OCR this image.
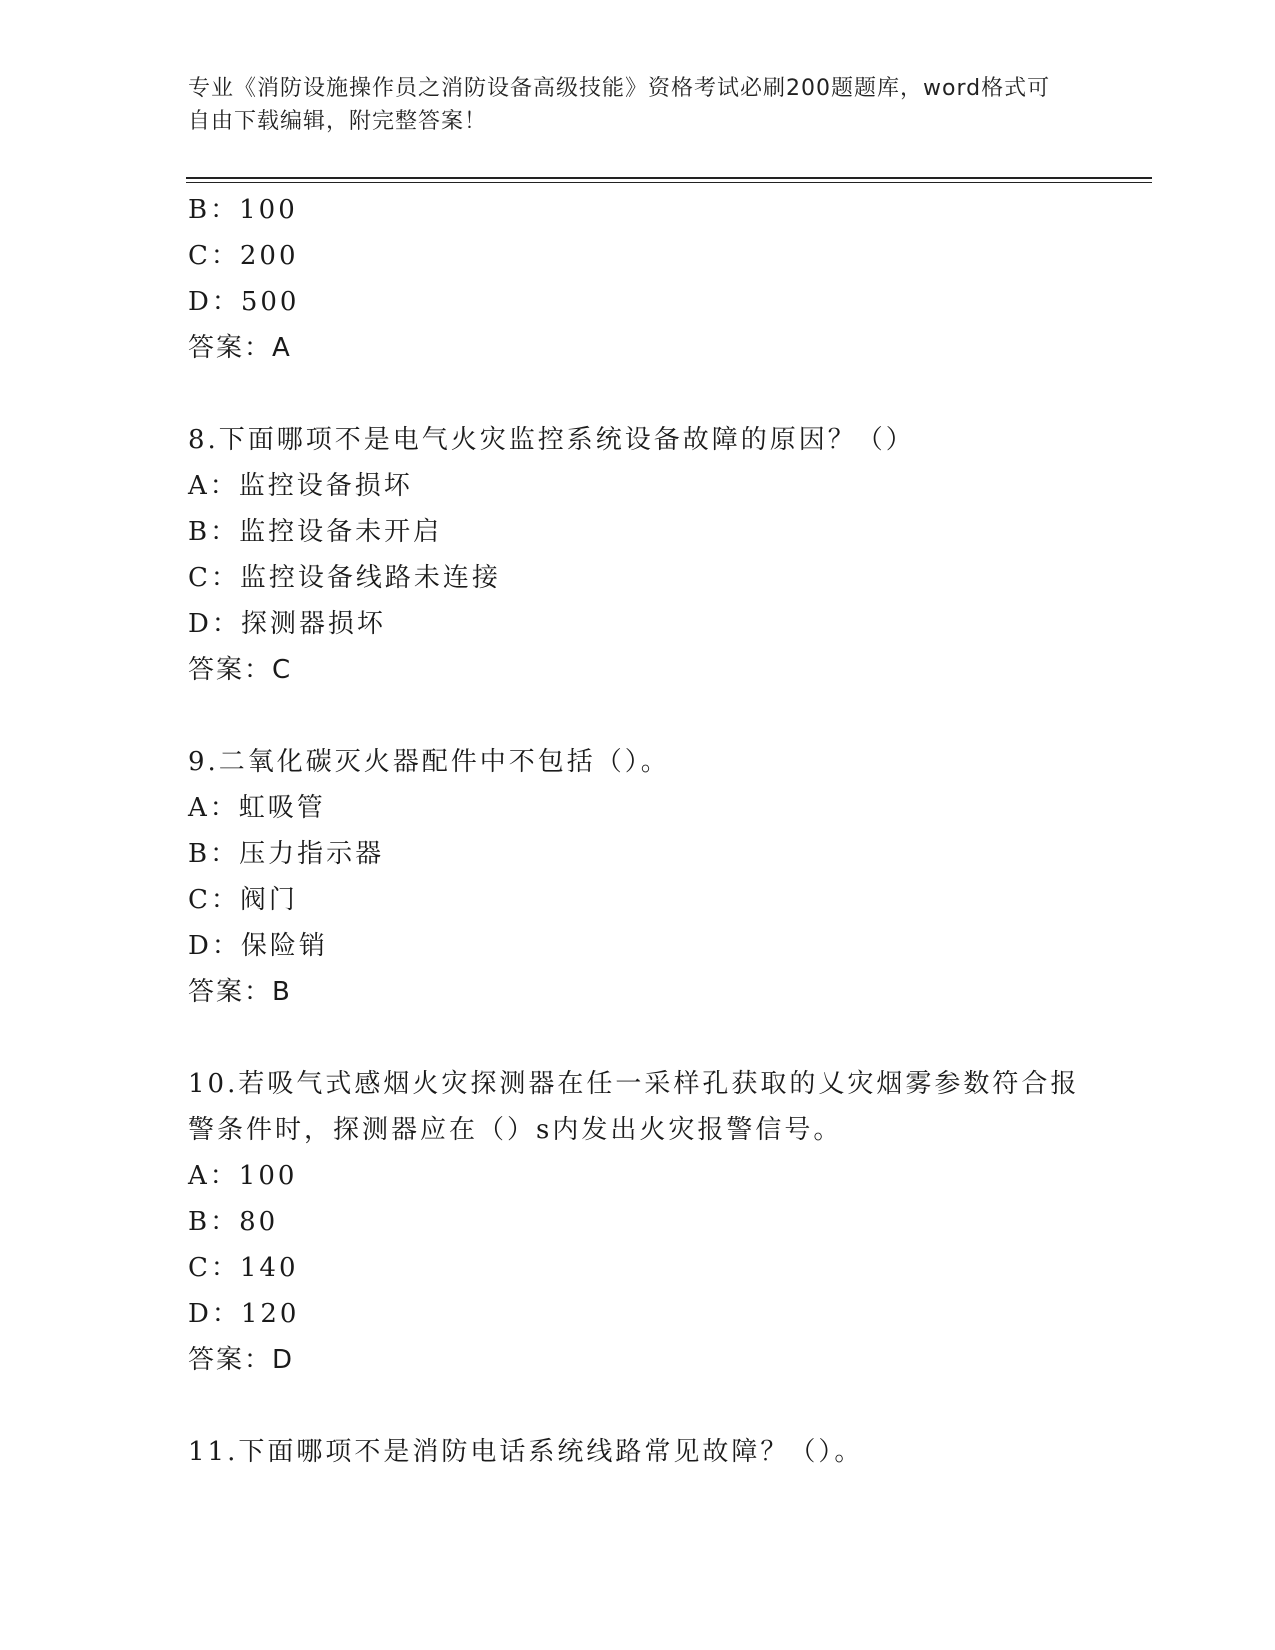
专业《消防设施操作员之消防设备高级技能》资格考试必刷200题题库，word格式可自由下载编辑，附完整答案！
B：100
C：200
D：500
答案：A
8.下面哪项不是电气火灾监控系统设备故障的原因？（）
A：监控设备损坏
B：监控设备未开启
C：监控设备线路未连接
D：探测器损坏
答案：C
9.二氧化碳灭火器配件中不包括（）。
A：虹吸管
B：压力指示器
C：阀门
D：保险销
答案：B
10.若吸气式感烟火灾探测器在任一采样孔获取的乂灾烟雾参数符合报
警条件时，探测器应在（）s内发出火灾报警信号。
A：100
B：80
C：140
D：120
答案：D
11.下面哪项不是消防电话系统线路常见故障？（）。
